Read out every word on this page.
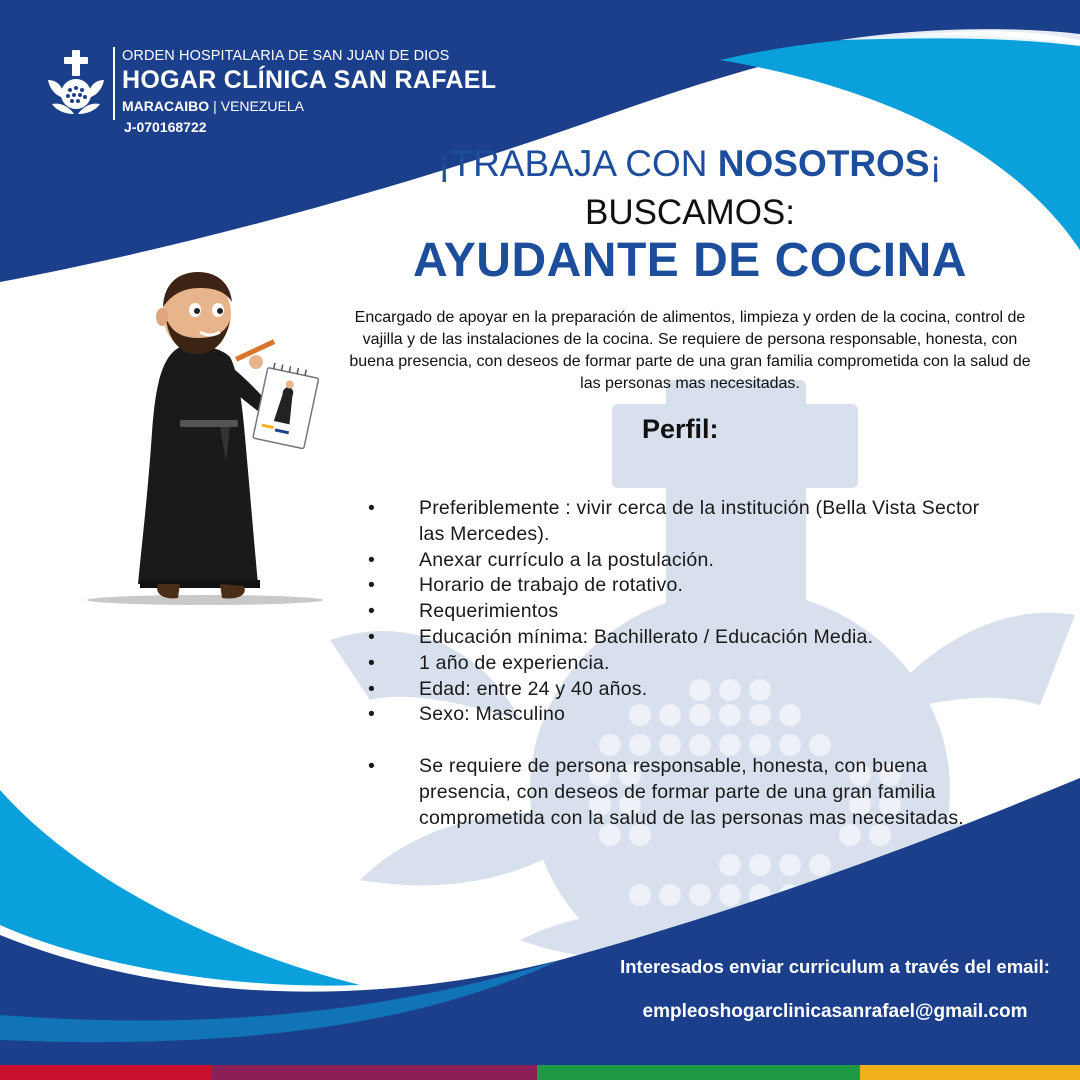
ORDEN HOSPITALARIA DE SAN JUAN DE DIOS
HOGAR CLÍNICA SAN RAFAEL
MARACAIBO | VENEZUELA
J-070168722
¡TRABAJA CON NOSOTROS¡
BUSCAMOS:
AYUDANTE DE COCINA
Encargado de apoyar en la preparación de alimentos, limpieza y orden de la cocina, control de vajilla y de las instalaciones de la cocina. Se requiere de persona responsable, honesta, con buena presencia, con deseos de formar parte de una gran familia comprometida con la salud de las personas mas necesitadas.
Perfil:
• Preferiblemente : vivir cerca de la institución (Bella Vista Sector las Mercedes).
• Anexar currículo a la postulación.
• Horario de trabajo de rotativo.
• Requerimientos
• Educación mínima: Bachillerato / Educación Media.
• 1 año de experiencia.
• Edad: entre 24 y 40 años.
• Sexo: Masculino
• Se requiere de persona responsable, honesta, con buena presencia, con deseos de formar parte de una gran familia comprometida con la salud de las personas mas necesitadas.
Interesados enviar curriculum a través del email:
empleoshogarclinicasanrafael@gmail.com
